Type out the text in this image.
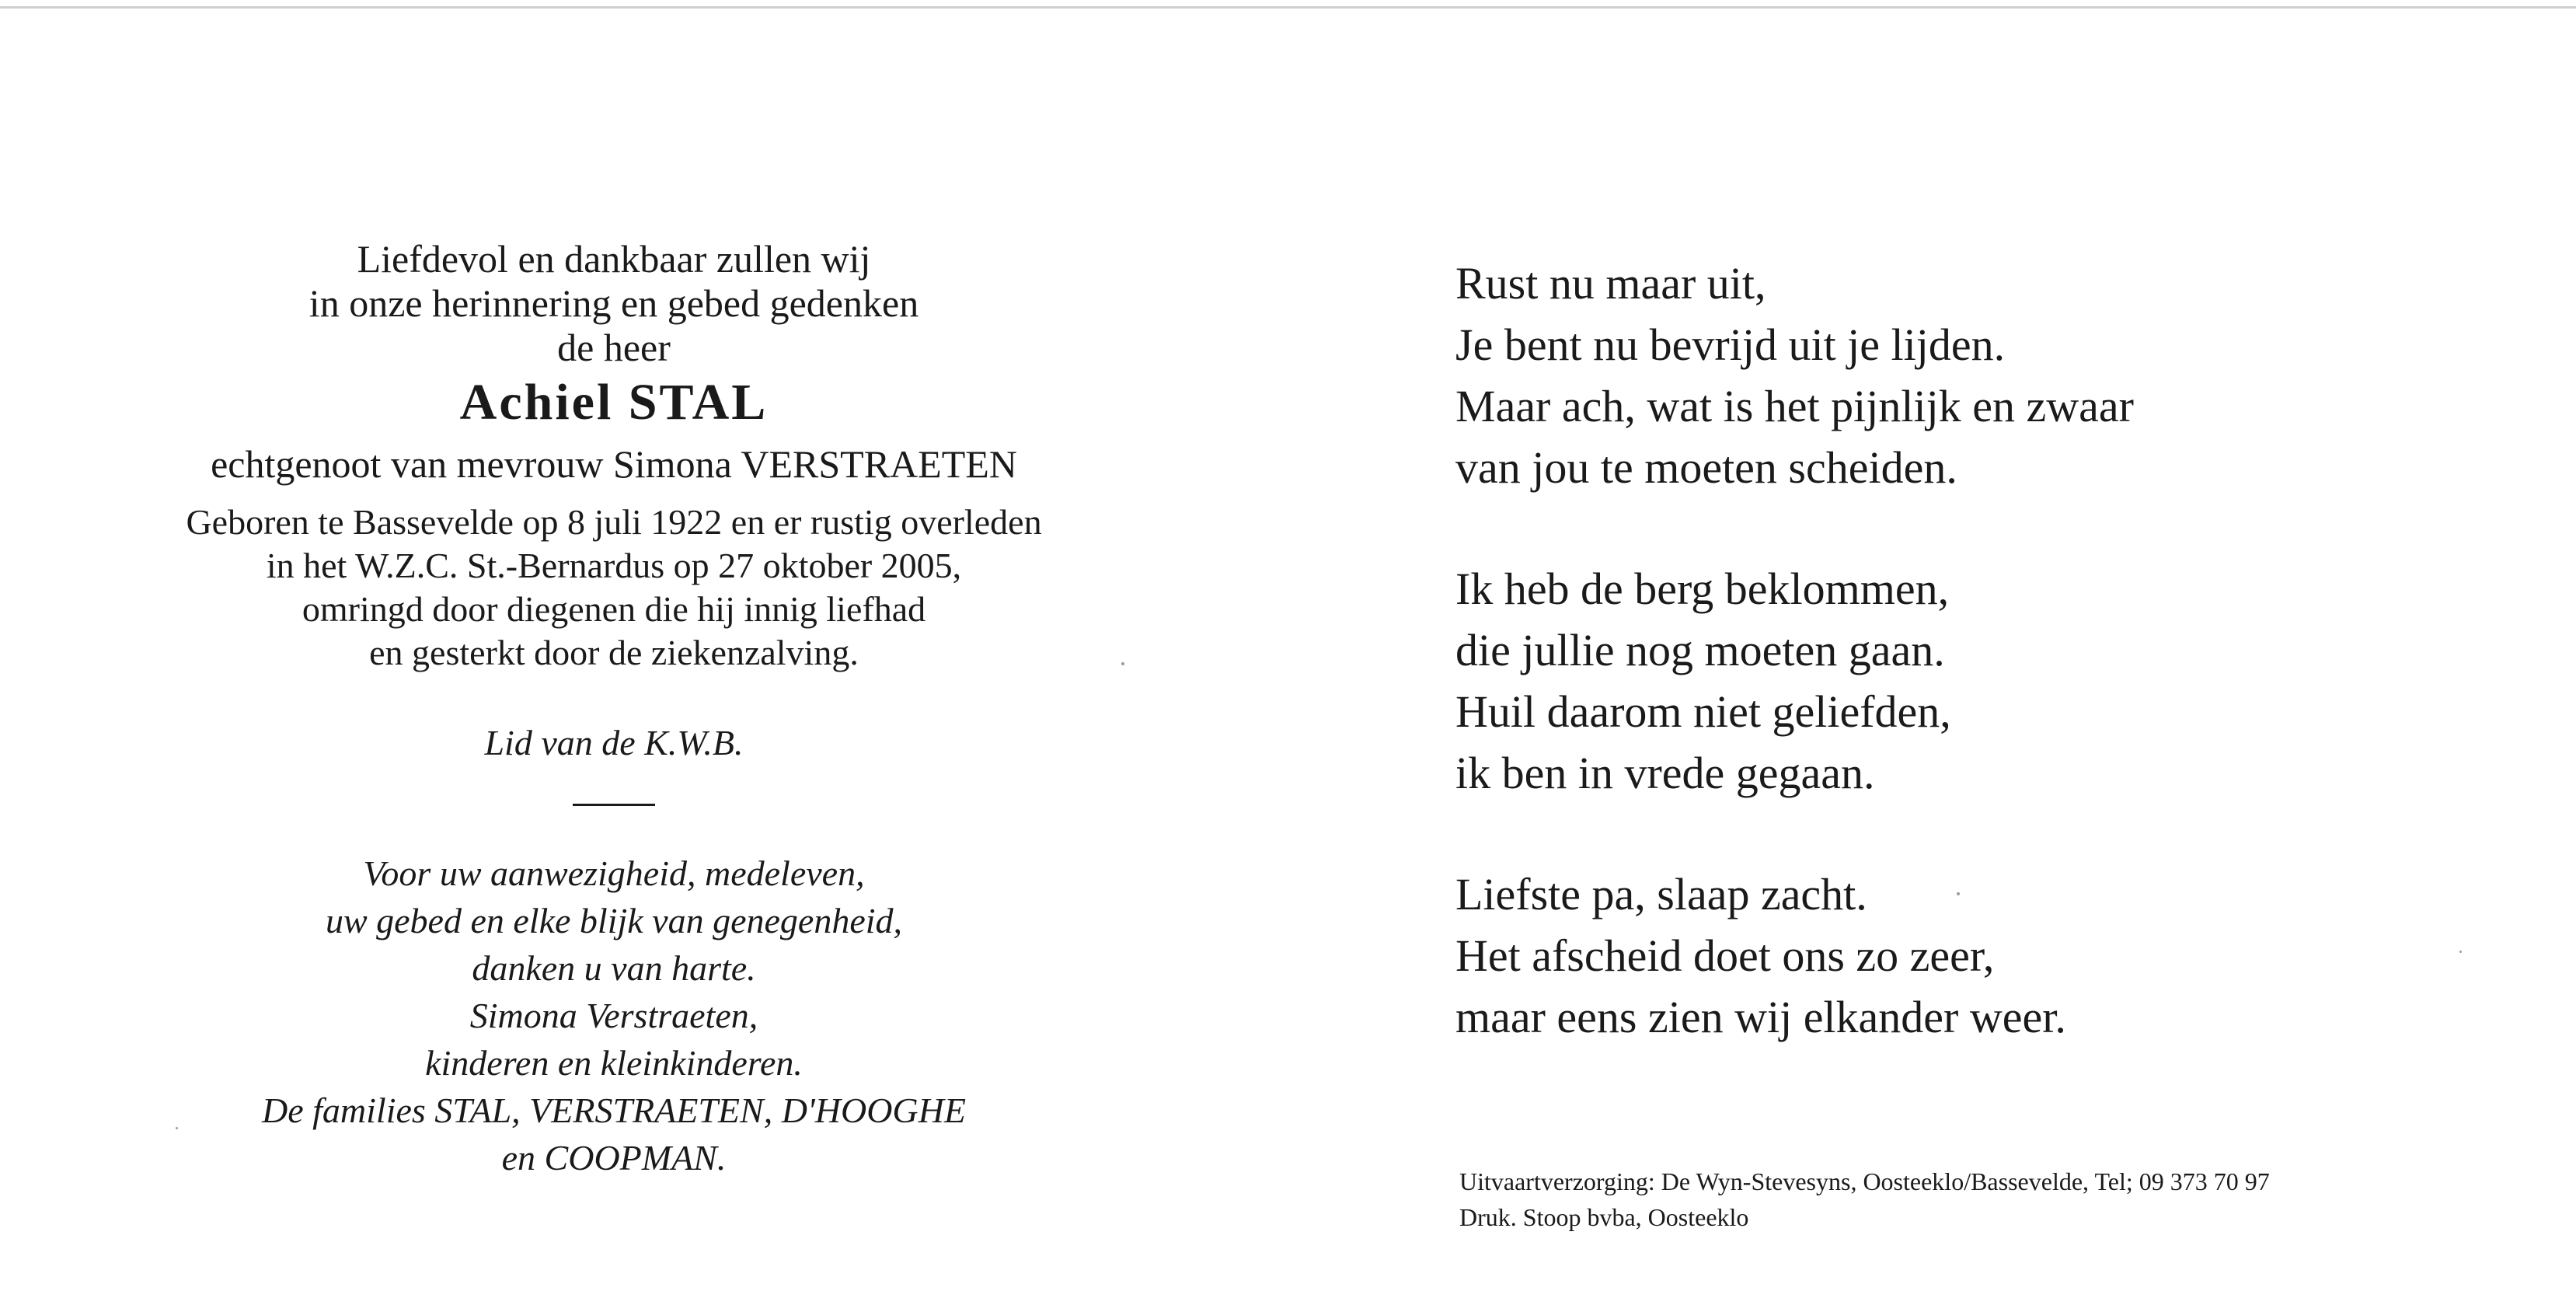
Liefdevol en dankbaar zullen wij
in onze herinnering en gebed gedenken
de heer
Achiel STAL
echtgenoot van mevrouw Simona VERSTRAETEN
Geboren te Bassevelde op 8 juli 1922 en er rustig overleden
in het W.Z.C. St.-Bernardus op 27 oktober 2005,
omringd door diegenen die hij innig liefhad
en gesterkt door de ziekenzalving.
Lid van de K.W.B.
Voor uw aanwezigheid, medeleven,
uw gebed en elke blijk van genegenheid,
danken u van harte.
Simona Verstraeten,
kinderen en kleinkinderen.
De families STAL, VERSTRAETEN, D'HOOGHE
en COOPMAN.
Rust nu maar uit,
Je bent nu bevrijd uit je lijden.
Maar ach, wat is het pijnlijk en zwaar
van jou te moeten scheiden.
Ik heb de berg beklommen,
die jullie nog moeten gaan.
Huil daarom niet geliefden,
ik ben in vrede gegaan.
Liefste pa, slaap zacht.
Het afscheid doet ons zo zeer,
maar eens zien wij elkander weer.
Uitvaartverzorging: De Wyn-Stevesyns, Oosteeklo/Bassevelde, Tel; 09 373 70 97
Druk. Stoop bvba, Oosteeklo
